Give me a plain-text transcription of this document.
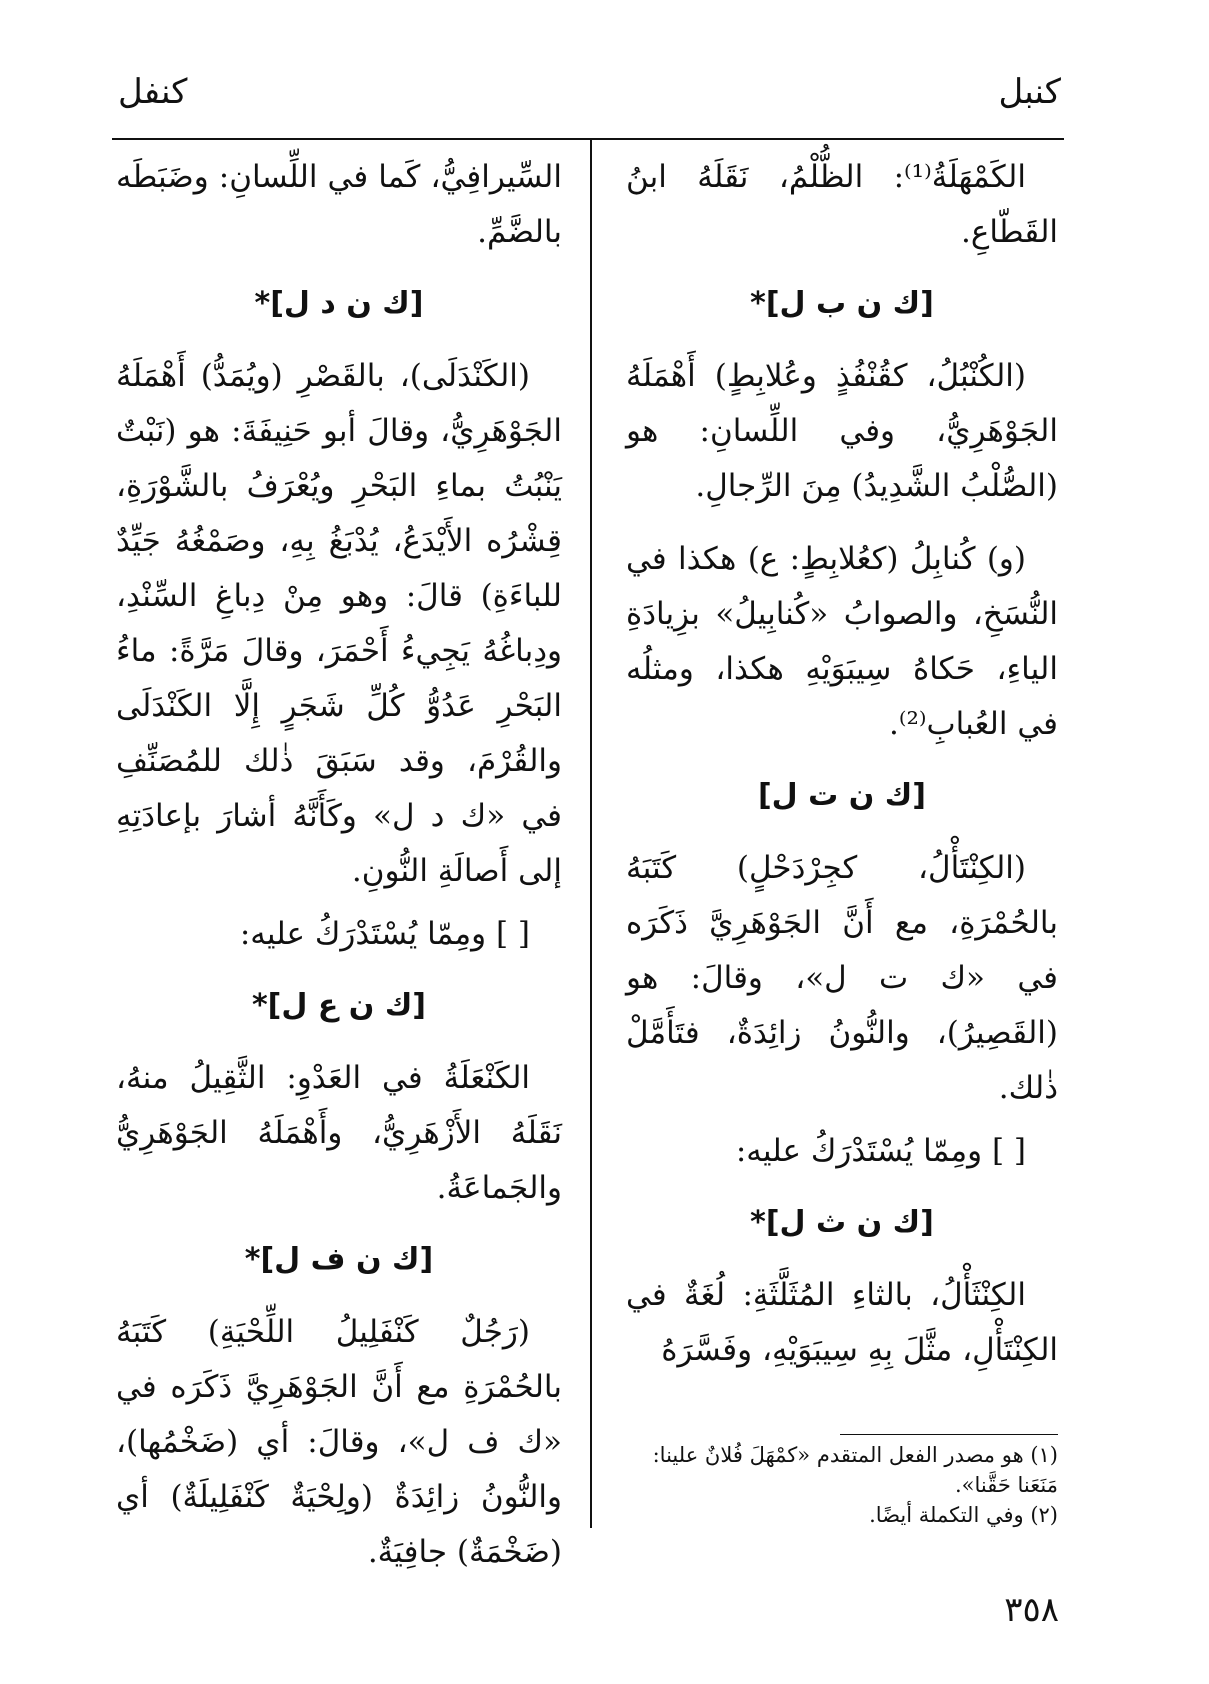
كنبل
كنفل

الكَمْهَلَةُ⁽¹⁾: الظُّلْمُ، نَقَلَهُ ابنُ القَطّاعِ.

[ك ن ب ل]*

(الكُنْبُلُ، كقُنْفُذٍ وعُلابِطٍ) أَهْمَلَهُ الجَوْهَرِيُّ، وفي اللِّسانِ: هو (الصُّلْبُ الشَّدِيدُ) مِنَ الرِّجالِ.

(و) كُنابِلُ (كعُلابِطٍ: ع) هكذا في النُّسَخِ، والصوابُ «كُنابِيلُ» بزِيادَةِ الياءِ، حَكاهُ سِيبَوَيْهِ هكذا، ومثلُه في العُبابِ⁽²⁾.

[ك ن ت ل]

(الكِنْتَأْلُ، كجِرْدَحْلٍ) كَتَبَهُ بالحُمْرَةِ، مع أَنَّ الجَوْهَرِيَّ ذَكَرَه في «ك ت ل»، وقالَ: هو (القَصِيرُ)، والنُّونُ زائِدَةٌ، فتَأَمَّلْ ذٰلك.

[ ] ومِمّا يُسْتَدْرَكُ عليه:

[ك ن ث ل]*

الكِنْثَأْلُ، بالثاءِ المُثَلَّثَةِ: لُغَةٌ في الكِنْتَأْلِ، مثَّلَ بِهِ سِيبَوَيْهِ، وفَسَّرَهُ

السِّيرافِيُّ، كَما في اللِّسانِ: وضَبَطَه بالضَّمِّ.

[ك ن د ل]*

(الكَنْدَلَى)، بالقَصْرِ (ويُمَدُّ) أَهْمَلَهُ الجَوْهَرِيُّ، وقالَ أبو حَنِيفَةَ: هو (نَبْتٌ يَنْبُتُ بماءِ البَحْرِ ويُعْرَفُ بالشَّوْرَةِ، قِشْرُه الأَيْدَعُ، يُدْبَغُ بِهِ، وصَمْغُهُ جَيِّدٌ للباءَةِ) قالَ: وهو مِنْ دِباغِ السِّنْدِ، ودِباغُهُ يَجِيءُ أَحْمَرَ، وقالَ مَرَّةً: ماءُ البَحْرِ عَدُوُّ كُلِّ شَجَرٍ إِلَّا الكَنْدَلَى والقُرْمَ، وقد سَبَقَ ذٰلك للمُصَنِّفِ في «ك د ل» وكَأَنَّهُ أشارَ بإعادَتِهِ إلى أَصالَةِ النُّونِ.

[ ] ومِمّا يُسْتَدْرَكُ عليه:

[ك ن ع ل]*

الكَنْعَلَةُ في العَدْوِ: الثَّقِيلُ منهُ، نَقَلَهُ الأَزْهَرِيُّ، وأَهْمَلَهُ الجَوْهَرِيُّ والجَماعَةُ.

[ك ن ف ل]*

(رَجُلٌ كَنْفَلِيلُ اللِّحْيَةِ) كَتَبَهُ بالحُمْرَةِ مع أَنَّ الجَوْهَرِيَّ ذَكَرَه في «ك ف ل»، وقالَ: أي (ضَخْمُها)، والنُّونُ زائِدَةٌ (ولِحْيَةٌ كَنْفَلِيلَةٌ) أي (ضَخْمَةٌ) جافِيَةٌ.

(١) هو مصدر الفعل المتقدم «كمْهَلَ فُلانٌ علينا: مَنَعَنا حَقَّنا».
(٢) وفي التكملة أيضًا.
٣٥٨
